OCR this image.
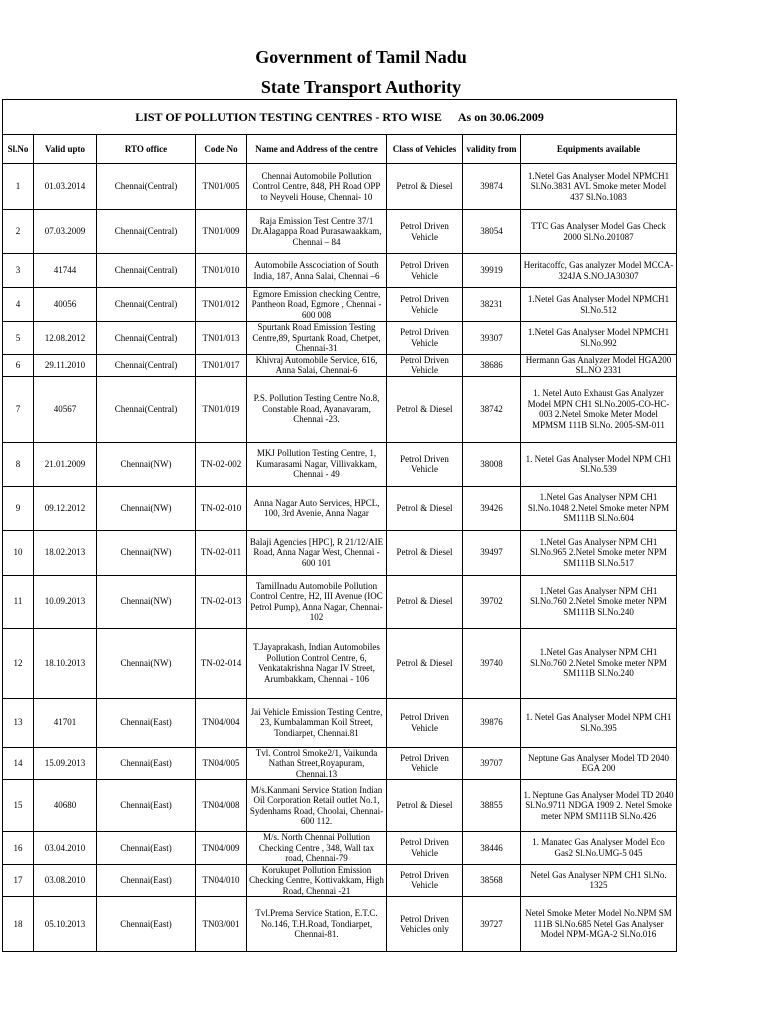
Government of Tamil Nadu
State Transport Authority
LIST OF POLLUTION TESTING CENTRES - RTO WISE As on 30.06.2009							
Sl.No	Valid upto	RTO office	Code No	Name and Address of the centre	Class of Vehicles	validity from	Equipments available
1	01.03.2014	Chennai(Central)	TN01/005	Chennai Automobile Pollution Control Centre, 848, PH Road OPP to Neyveli House, Chennai- 10	Petrol & Diesel	39874	1.Netel Gas Analyser Model NPMCH1 Sl.No.3831 AVL Smoke meter Model 437 Sl.No.1083
2	07.03.2009	Chennai(Central)	TN01/009	Raja Emission Test Centre 37/1 Dr.Alagappa Road Purasawaakkam, Chennai – 84	Petrol Driven Vehicle	38054	TTC Gas Analyser Model Gas Check 2000 Sl.No.201087
3	41744	Chennai(Central)	TN01/010	Automobile Asscociation of South India, 187, Anna Salai, Chennai –6	Petrol Driven Vehicle	39919	Heritacoffc, Gas analyzer Model MCCA-324JA S.NO.JA30307
4	40056	Chennai(Central)	TN01/012	Egmore Emission checking Centre, Pantheon Road, Egmore , Chennai - 600 008	Petrol Driven Vehicle	38231	1.Netel Gas Analyser Model NPMCH1 Sl.No.512
5	12.08.2012	Chennai(Central)	TN01/013	Spurtank Road Emission Testing Centre,89, Spurtank Road, Chetpet, Chennai-31	Petrol Driven Vehicle	39307	1.Netel Gas Analyser Model NPMCH1 Sl.No.992
6	29.11.2010	Chennai(Central)	TN01/017	Khivraj Automobile Service, 616, Anna Salai, Chennai-6	Petrol Driven Vehicle	38686	Hermann Gas Analyzer Model HGA200 SL.NO 2331
7	40567	Chennai(Central)	TN01/019	P.S. Pollution Testing Centre No.8, Constable Road, Ayanavaram, Chennai -23.	Petrol & Diesel	38742	1. Netel Auto Exhaust Gas Analyzer Model MPN CH1 Sl.No.2005-CO-HC- 003 2.Netel Smoke Meter Model MPMSM 111B Sl.No. 2005-SM-011
8	21.01.2009	Chennai(NW)	TN-02-002	MKJ Pollution Testing Centre, 1, Kumarasami Nagar, Villivakkam, Chennai - 49	Petrol Driven Vehicle	38008	1. Netel Gas Analyser Model NPM CH1 Sl.No.539
9	09.12.2012	Chennai(NW)	TN-02-010	Anna Nagar Auto Services, HPCL, 100, 3rd Avenie, Anna Nagar	Petrol & Diesel	39426	1.Netel Gas Analyser NPM CH1 Sl.No.1048 2.Netel Smoke meter NPM SM111B Sl.No.604
10	18.02.2013	Chennai(NW)	TN-02-011	Balaji Agencies [HPC], R 21/12/AIE Road, Anna Nagar West, Chennai - 600 101	Petrol & Diesel	39497	1.Netel Gas Analyser NPM CH1 Sl.No.965 2.Netel Smoke meter NPM SM111B Sl.No.517
11	10.09.2013	Chennai(NW)	TN-02-013	TamilInadu Automobile Pollution Control Centre, H2, III Avenue (IOC Petrol Pump), Anna Nagar, Chennai-102	Petrol & Diesel	39702	1.Netel Gas Analyser NPM CH1 Sl.No.760 2.Netel Smoke meter NPM SM111B Sl.No.240
12	18.10.2013	Chennai(NW)	TN-02-014	T.Jayaprakash, Indian Automobiles Pollution Control Centre, 6, Venkatakrishna Nagar IV Street, Arumbakkam, Chennai - 106	Petrol & Diesel	39740	1.Netel Gas Analyser NPM CH1 Sl.No.760 2.Netel Smoke meter NPM SM111B Sl.No.240
13	41701	Chennai(East)	TN04/004	Jai Vehicle Emission Testing Centre, 23, Kumbalamman Koil Street, Tondiarpet, Chennai.81	Petrol Driven Vehicle	39876	1. Netel Gas Analyser Model NPM CH1 Sl.No.395
14	15.09.2013	Chennai(East)	TN04/005	Tvl. Control Smoke2/1, Vaikunda Nathan Street,Royapuram, Chennai.13	Petrol Driven Vehicle	39707	Neptune Gas Analyser Model TD 2040 EGA 200
15	40680	Chennai(East)	TN04/008	M/s.Kanmani Service Station Indian Oil Corporation Retail outlet No.1, Sydenhams Road, Choolai, Chennai- 600 112.	Petrol & Diesel	38855	1. Neptune Gas Analyser Model TD 2040 Sl.No.9711 NDGA 1909 2. Netel Smoke meter NPM SM111B Sl.No.426
16	03.04.2010	Chennai(East)	TN04/009	M/s. North Chennai Pollution Checking Centre , 348, Wall tax road, Chennai-79	Petrol Driven Vehicle	38446	1. Manatec Gas Analyser Model Eco Gas2 Sl.No.UMG-5 045
17	03.08.2010	Chennai(East)	TN04/010	Korukupet Pollution Emission Checking Centre, Kottivakkam, High Road, Chennai -21	Petrol Driven Vehicle	38568	Netel Gas Analyser NPM CH1 Sl.No. 1325
18	05.10.2013	Chennai(East)	TN03/001	Tvl.Prema Service Station, E.T.C. No.146, T.H.Road, Tondiarpet, Chennai-81.	Petrol Driven Vehicles only	39727	Netel Smoke Meter Model No.NPM SM 111B Sl.No.685 Netel Gas Analyser Model NPM-MGA-2 Sl.No.016
